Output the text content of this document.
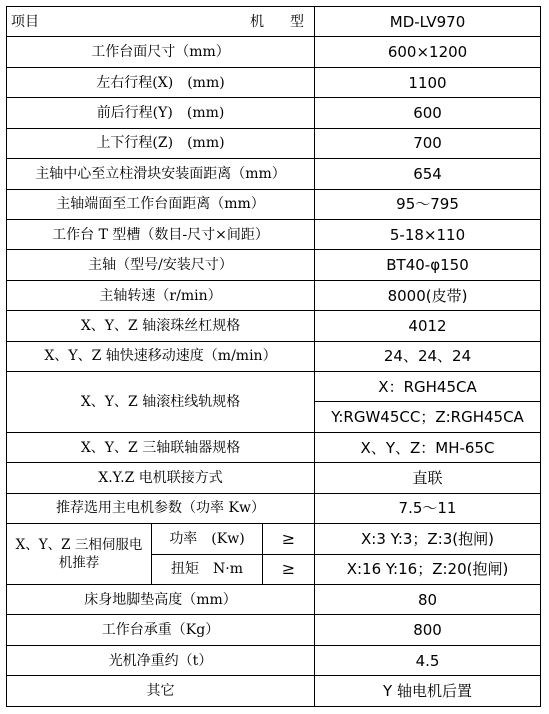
项目 机　型			MD-LV970
工作台面尺寸（mm）			600×1200
左右行程(X)　(mm)			1100
前后行程(Y)　(mm)			600
上下行程(Z)　(mm)			700
主轴中心至立柱滑块安装面距离（mm）			654
主轴端面至工作台面距离（mm）			95～795
工作台 T 型槽（数目-尺寸×间距）			5-18×110
主轴（型号/安装尺寸）			BT40-φ150
主轴转速（r/min）			8000(皮带)
X、Y、Z 轴滚珠丝杠规格			4012
X、Y、Z 轴快速移动速度（m/min）			24、24、24
X、Y、Z 轴滚柱线轨规格			X：RGH45CA
			Y:RGW45CC；Z:RGH45CA
X、Y、Z 三轴联轴器规格			X、Y、Z：MH-65C
X.Y.Z 电机联接方式			直联
推荐选用主电机参数（功率 Kw）			7.5～11
X、Y、Z 三相伺服电机推荐	功率　(Kw)	≥	X:3 Y:3；Z:3(抱闸)
	扭矩　N·m	≥	X:16 Y:16；Z:20(抱闸)
床身地脚垫高度（mm）			80
工作台承重（Kg）			800
光机净重约（t）			4.5
其它			Y 轴电机后置
